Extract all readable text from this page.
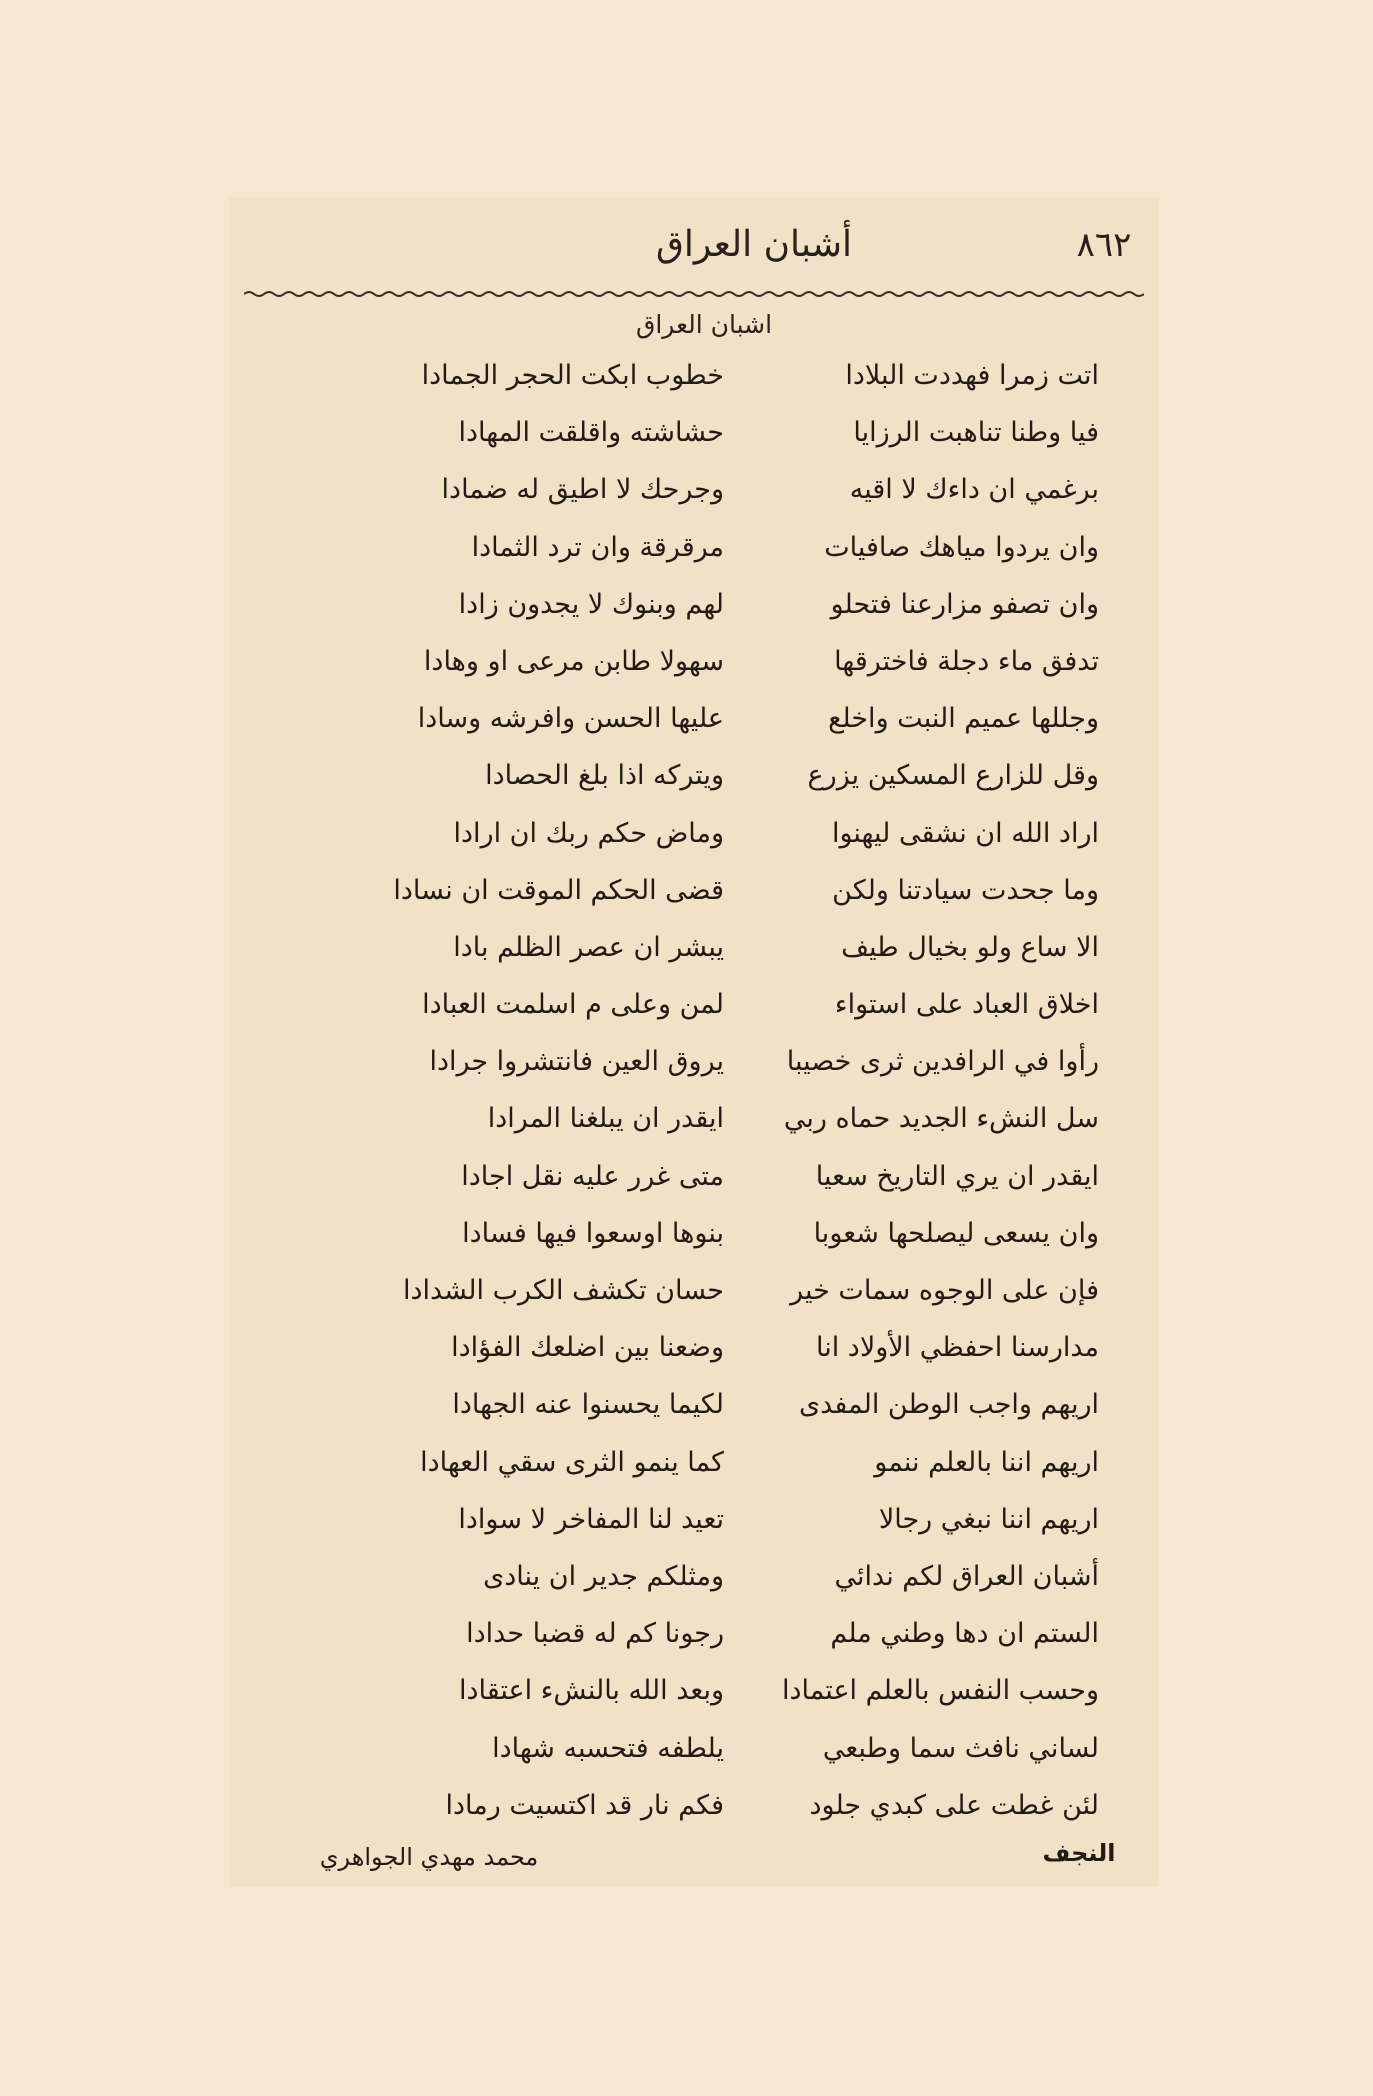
أشبان العراق	٨٦٢
اشبان العراق
اتت زمرا فهددت البلادا
خطوب ابكت الحجر الجمادا
فيا وطنا تناهبت الرزايا
حشاشته واقلقت المهادا
برغمي ان داءك لا اقيه
وجرحك لا اطيق له ضمادا
وان يردوا مياهك صافيات
مرقرقة وان ترد الثمادا
وان تصفو مزارعنا فتحلو
لهم وبنوك لا يجدون زادا
تدفق ماء دجلة فاخترقها
سهولا طابن مرعى او وهادا
وجللها عميم النبت واخلع
عليها الحسن وافرشه وسادا
وقل للزارع المسكين يزرع
ويتركه اذا بلغ الحصادا
اراد الله ان نشقى ليهنوا
وماض حكم ربك ان ارادا
وما جحدت سيادتنا ولكن
قضى الحكم الموقت ان نسادا
الا ساع ولو بخيال طيف
يبشر ان عصر الظلم بادا
اخلاق العباد على استواء
لمن وعلى م اسلمت العبادا
رأوا في الرافدين ثرى خصيبا
يروق العين فانتشروا جرادا
سل النشء الجديد حماه ربي
ايقدر ان يبلغنا المرادا
ايقدر ان يري التاريخ سعيا
متى غرر عليه نقل اجادا
وان يسعى ليصلحها شعوبا
بنوها اوسعوا فيها فسادا
فإن على الوجوه سمات خير
حسان تكشف الكرب الشدادا
مدارسنا احفظي الأولاد انا
وضعنا بين اضلعك الفؤادا
اريهم واجب الوطن المفدى
لكيما يحسنوا عنه الجهادا
اريهم اننا بالعلم ننمو
كما ينمو الثرى سقي العهادا
اريهم اننا نبغي رجالا
تعيد لنا المفاخر لا سوادا
أشبان العراق لكم ندائي
ومثلكم جدير ان ينادى
الستم ان دها وطني ملم
رجونا كم له قضبا حدادا
وحسب النفس بالعلم اعتمادا
وبعد الله بالنشء اعتقادا
لساني نافث سما وطبعي
يلطفه فتحسبه شهادا
لئن غطت على كبدي جلود
فكم نار قد اكتسيت رمادا
النجف
محمد مهدي الجواهري
